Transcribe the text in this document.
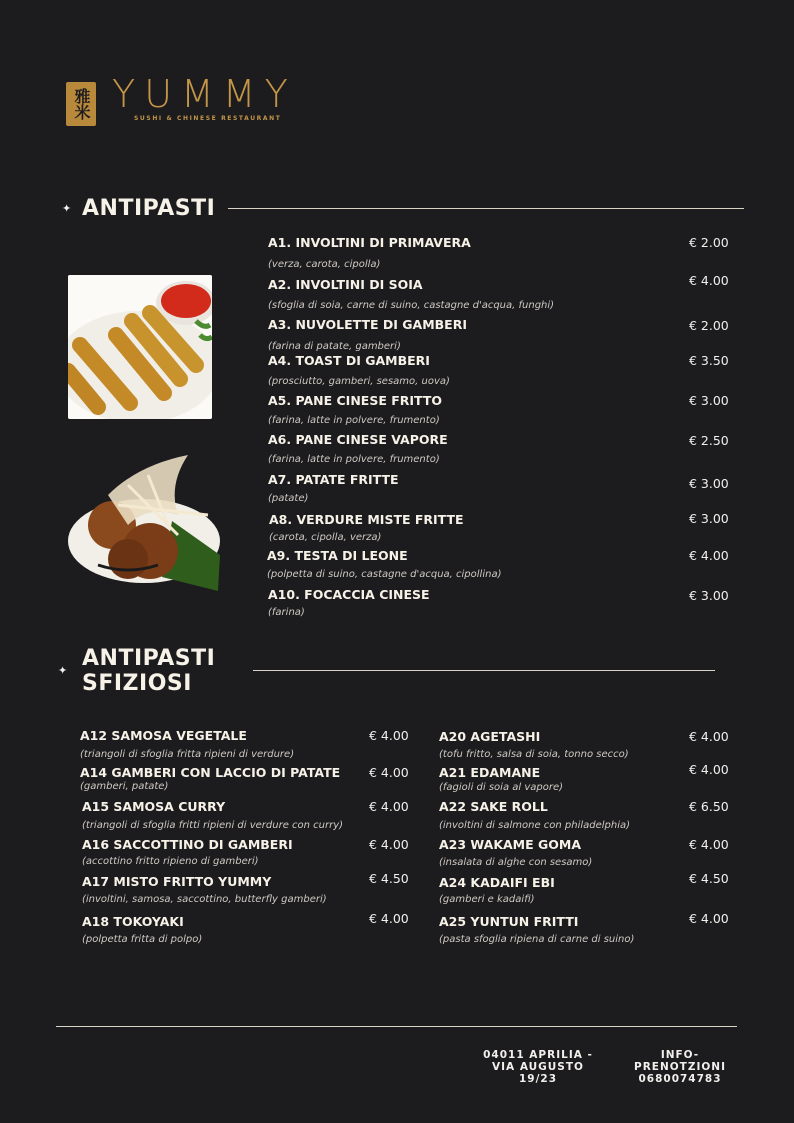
雅米 YUMMY
SUSHI & CHINESE RESTAURANT
✦ ANTIPASTI
A1. INVOLTINI DI PRIMAVERA
(verza, carota, cipolla)
€ 2.00
A2. INVOLTINI DI SOIA
(sfoglia di soia, carne di suino, castagne d'acqua, funghi)
€ 4.00
A3. NUVOLETTE DI GAMBERI
(farina di patate, gamberi)
€ 2.00
A4. TOAST DI GAMBERI
(prosciutto, gamberi, sesamo, uova)
€ 3.50
A5. PANE CINESE FRITTO
(farina, latte in polvere, frumento)
€ 3.00
A6. PANE CINESE VAPORE
(farina, latte in polvere, frumento)
€ 2.50
A7. PATATE FRITTE
(patate)
€ 3.00
A8. VERDURE MISTE FRITTE
(carota, cipolla, verza)
€ 3.00
A9. TESTA DI LEONE
(polpetta di suino, castagne d'acqua, cipollina)
€ 4.00
A10. FOCACCIA CINESE
(farina)
€ 3.00
✦ ANTIPASTI
SFIZIOSI
A12 SAMOSA VEGETALE
(triangoli di sfoglia fritta ripieni di verdure)
€ 4.00
A14 GAMBERI CON LACCIO DI PATATE
(gamberi, patate)
€ 4.00
A15 SAMOSA CURRY
(triangoli di sfoglia fritti ripieni di verdure con curry)
€ 4.00
A16 SACCOTTINO DI GAMBERI
(accottino fritto ripieno di gamberi)
€ 4.00
A17 MISTO FRITTO YUMMY
(involtini, samosa, saccottino, butterfly gamberi)
€ 4.50
A18 TOKOYAKI
(polpetta fritta di polpo)
€ 4.00
A20 AGETASHI
(tofu fritto, salsa di soia, tonno secco)
€ 4.00
A21 EDAMANE
(fagioli di soia al vapore)
€ 4.00
A22 SAKE ROLL
(involtini di salmone con philadelphia)
€ 6.50
A23 WAKAME GOMA
(insalata di alghe con sesamo)
€ 4.00
A24 KADAIFI EBI
(gamberi e kadaifi)
€ 4.50
A25 YUNTUN FRITTI
(pasta sfoglia ripiena di carne di suino)
€ 4.00
04011 APRILIA -
VIA AUGUSTO
19/23
INFO-
PRENOTZIONI
0680074783
